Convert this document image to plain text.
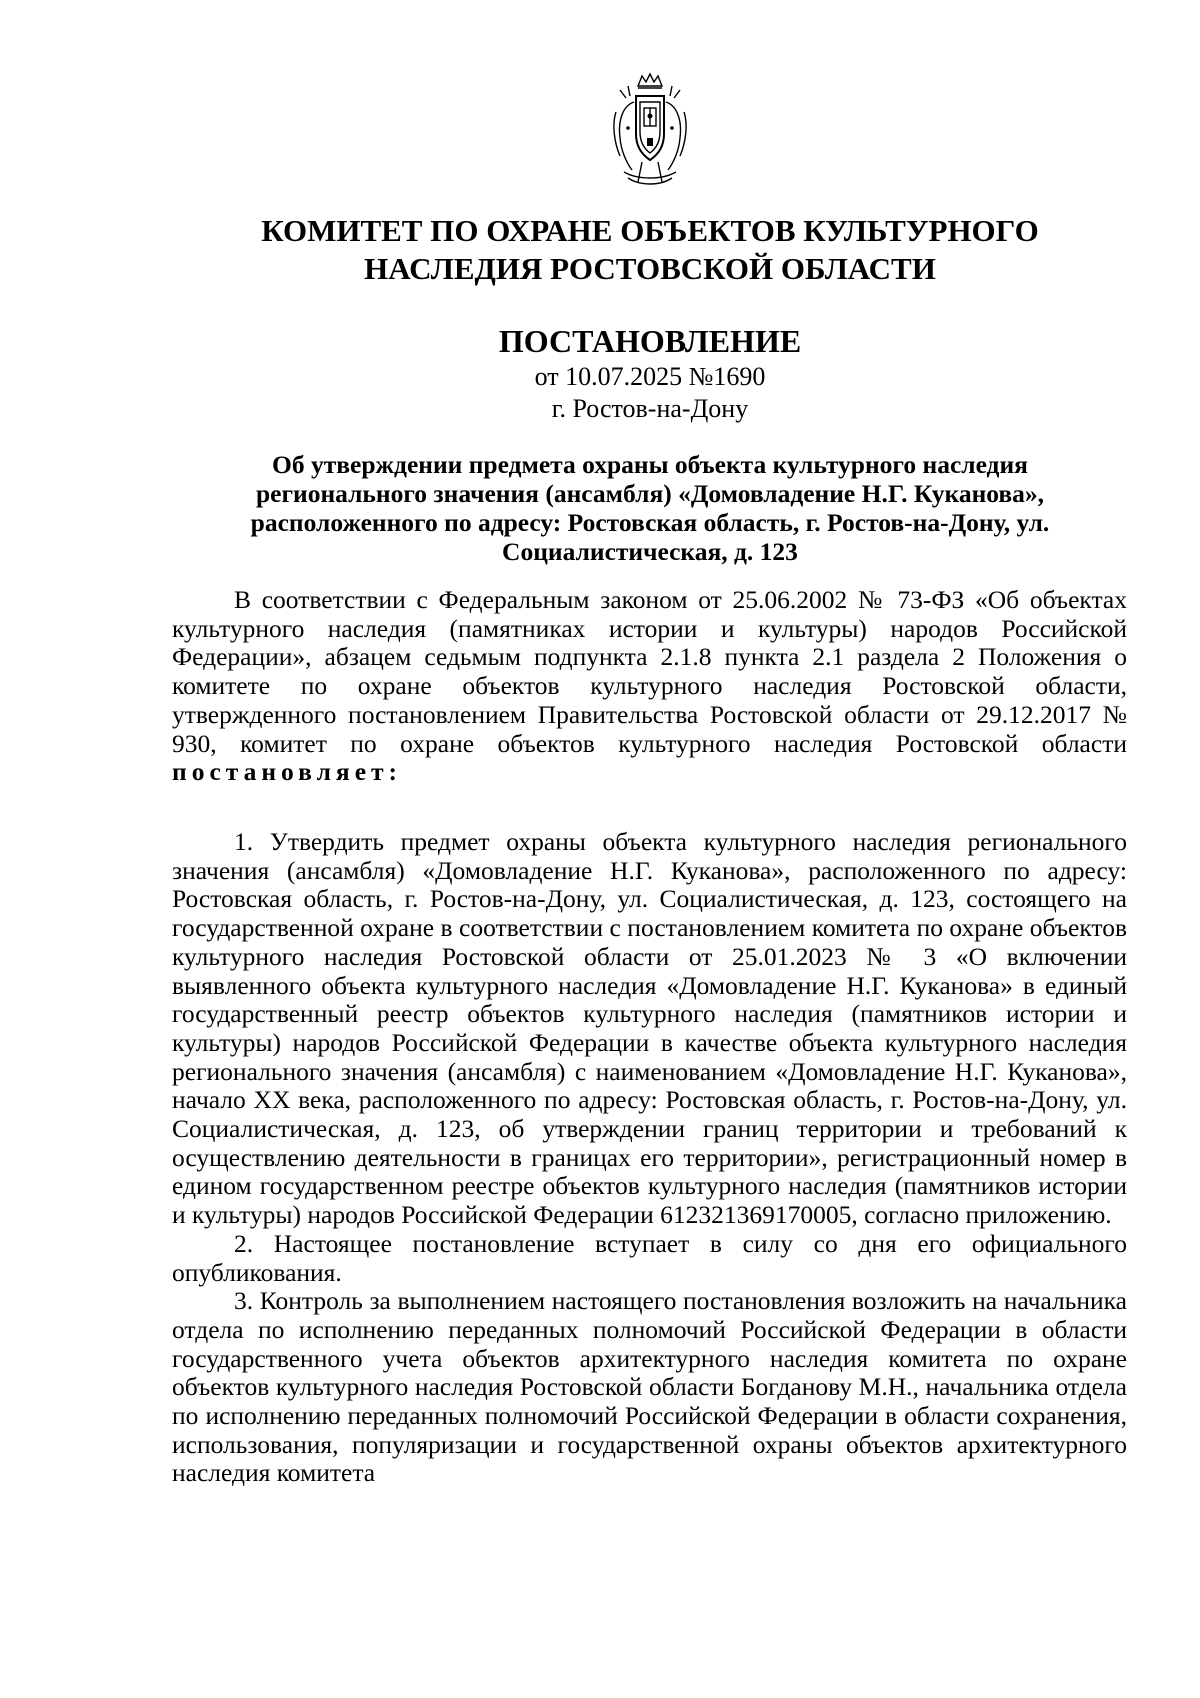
КОМИТЕТ ПО ОХРАНЕ ОБЪЕКТОВ КУЛЬТУРНОГО НАСЛЕДИЯ РОСТОВСКОЙ ОБЛАСТИ
ПОСТАНОВЛЕНИЕ
от 10.07.2025 №1690
г. Ростов-на-Дону
Об утверждении предмета охраны объекта культурного наследия регионального значения (ансамбля) «Домовладение Н.Г. Куканова», расположенного по адресу: Ростовская область, г. Ростов-на-Дону, ул. Социалистическая, д. 123

В соответствии с Федеральным законом от 25.06.2002 № 73-ФЗ «Об объектах культурного наследия (памятниках истории и культуры) народов Российской Федерации», абзацем седьмым подпункта 2.1.8 пункта 2.1 раздела 2 Положения о комитете по охране объектов культурного наследия Ростовской области, утвержденного постановлением Правительства Ростовской области от 29.12.2017 № 930, комитет по охране объектов культурного наследия Ростовской области постановляет:

1. Утвердить предмет охраны объекта культурного наследия регионального значения (ансамбля) «Домовладение Н.Г. Куканова», расположенного по адресу: Ростовская область, г. Ростов-на-Дону, ул. Социалистическая, д. 123, состоящего на государственной охране в соответствии с постановлением комитета по охране объектов культурного наследия Ростовской области от 25.01.2023 № 3 «О включении выявленного объекта культурного наследия «Домовладение Н.Г. Куканова» в единый государственный реестр объектов культурного наследия (памятников истории и культуры) народов Российской Федерации в качестве объекта культурного наследия регионального значения (ансамбля) с наименованием «Домовладение Н.Г. Куканова», начало XX века, расположенного по адресу: Ростовская область, г. Ростов-на-Дону, ул. Социалистическая, д. 123, об утверждении границ территории и требований к осуществлению деятельности в границах его территории», регистрационный номер в едином государственном реестре объектов культурного наследия (памятников истории и культуры) народов Российской Федерации 612321369170005, согласно приложению.

2. Настоящее постановление вступает в силу со дня его официального опубликования.

3. Контроль за выполнением настоящего постановления возложить на начальника отдела по исполнению переданных полномочий Российской Федерации в области государственного учета объектов архитектурного наследия комитета по охране объектов культурного наследия Ростовской области Богданову М.Н., начальника отдела по исполнению переданных полномочий Российской Федерации в области сохранения, использования, популяризации и государственной охраны объектов архитектурного наследия комитета
